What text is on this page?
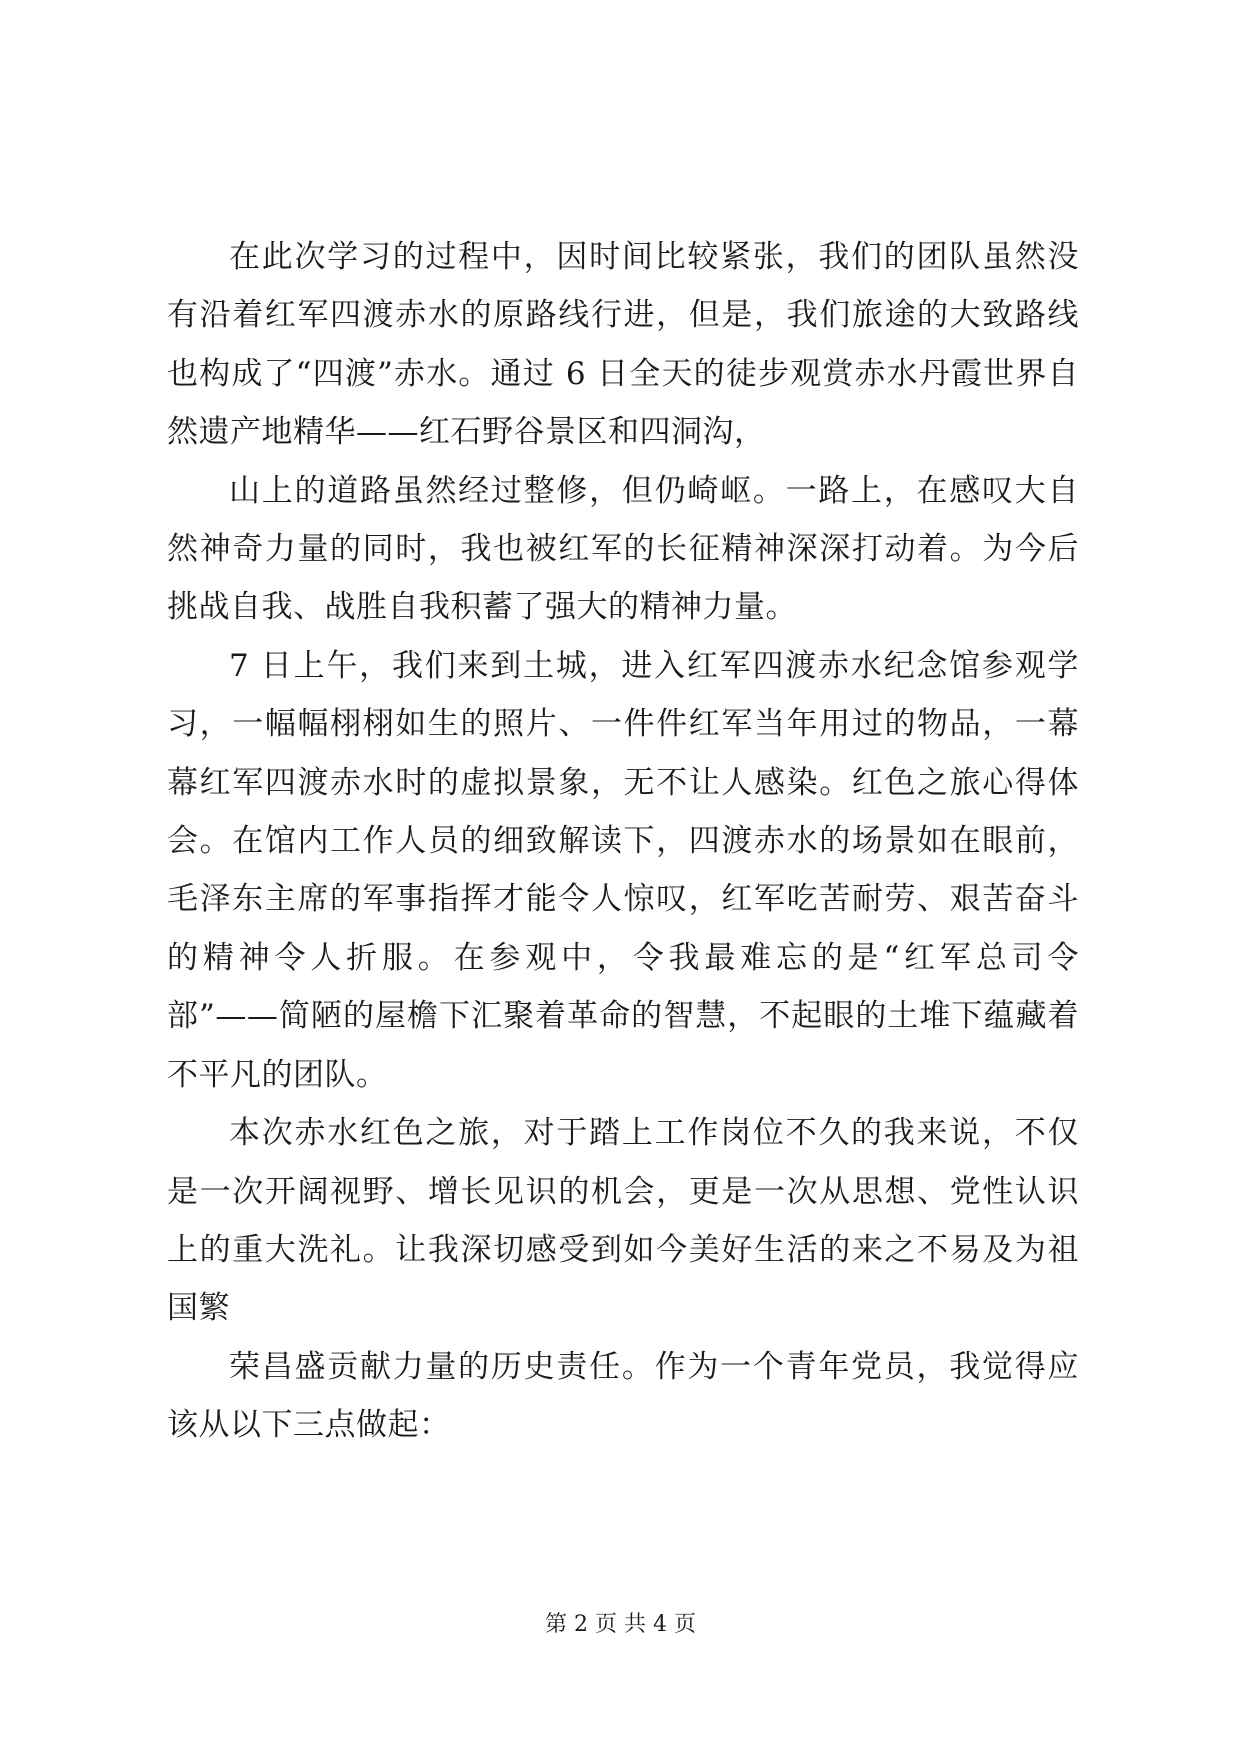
在此次学习的过程中，因时间比较紧张，我们的团队虽然没有沿着红军四渡赤水的原路线行进，但是，我们旅途的大致路线也构成了“四渡”赤水。通过 6 日全天的徒步观赏赤水丹霞世界自然遗产地精华——红石野谷景区和四洞沟，

山上的道路虽然经过整修，但仍崎岖。一路上，在感叹大自然神奇力量的同时，我也被红军的长征精神深深打动着。为今后挑战自我、战胜自我积蓄了强大的精神力量。

7 日上午，我们来到土城，进入红军四渡赤水纪念馆参观学习，一幅幅栩栩如生的照片、一件件红军当年用过的物品，一幕幕红军四渡赤水时的虚拟景象，无不让人感染。红色之旅心得体会。在馆内工作人员的细致解读下，四渡赤水的场景如在眼前，毛泽东主席的军事指挥才能令人惊叹，红军吃苦耐劳、艰苦奋斗的精神令人折服。在参观中，令我最难忘的是“红军总司令部”——简陋的屋檐下汇聚着革命的智慧，不起眼的土堆下蕴藏着不平凡的团队。

本次赤水红色之旅，对于踏上工作岗位不久的我来说，不仅是一次开阔视野、增长见识的机会，更是一次从思想、党性认识上的重大洗礼。让我深切感受到如今美好生活的来之不易及为祖国繁

荣昌盛贡献力量的历史责任。作为一个青年党员，我觉得应该从以下三点做起：

第 2 页 共 4 页
